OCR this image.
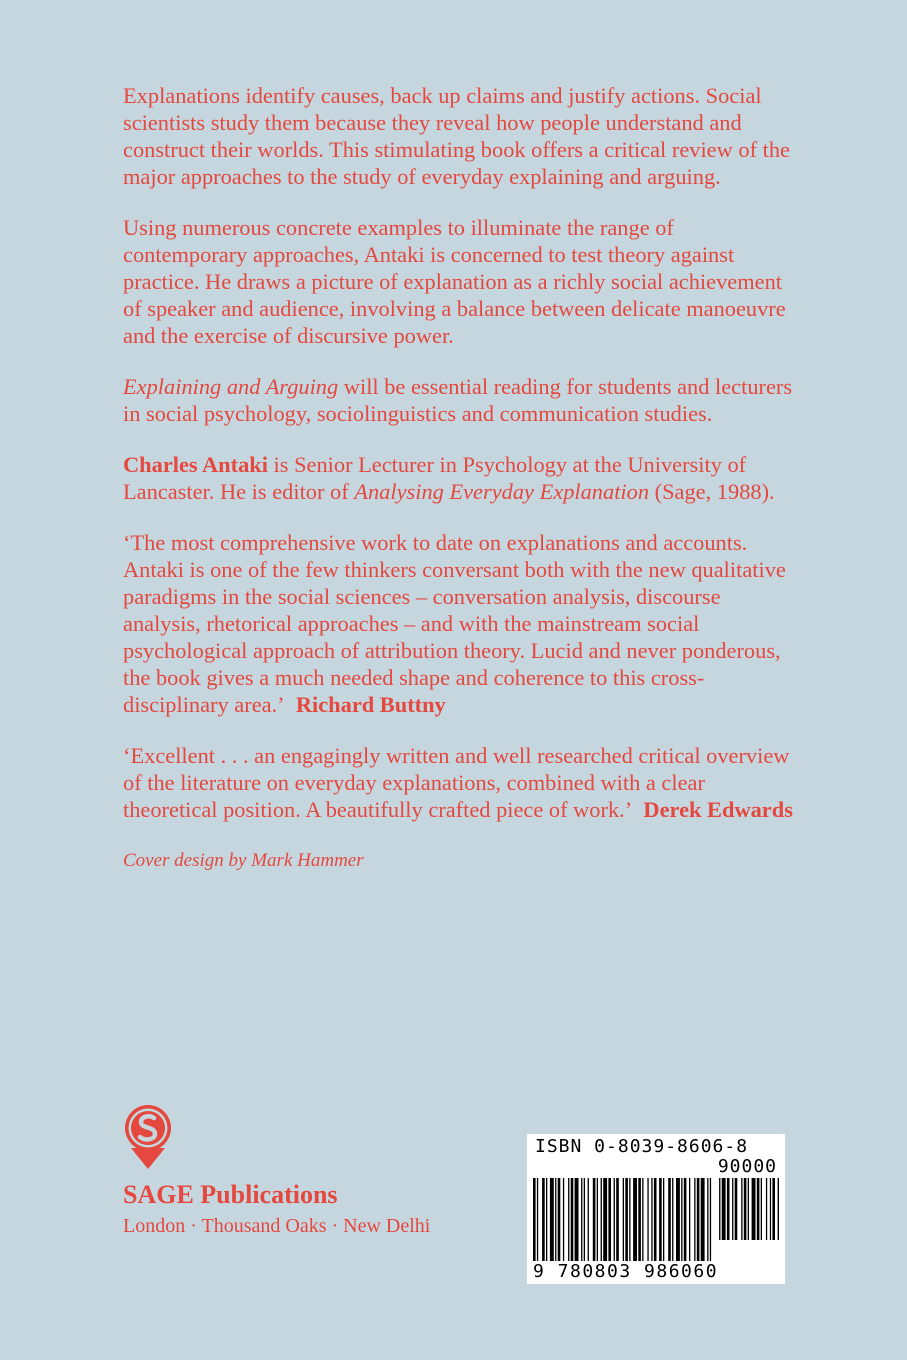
Explanations identify causes, back up claims and justify actions. Social scientists study them because they reveal how people understand and construct their worlds. This stimulating book offers a critical review of the major approaches to the study of everyday explaining and arguing.

Using numerous concrete examples to illuminate the range of contemporary approaches, Antaki is concerned to test theory against practice. He draws a picture of explanation as a richly social achievement of speaker and audience, involving a balance between delicate manoeuvre and the exercise of discursive power.

Explaining and Arguing will be essential reading for students and lecturers in social psychology, sociolinguistics and communication studies.

Charles Antaki is Senior Lecturer in Psychology at the University of Lancaster. He is editor of Analysing Everyday Explanation (Sage, 1988).

‘The most comprehensive work to date on explanations and accounts. Antaki is one of the few thinkers conversant both with the new qualitative paradigms in the social sciences – conversation analysis, discourse analysis, rhetorical approaches – and with the mainstream social psychological approach of attribution theory. Lucid and never ponderous, the book gives a much needed shape and coherence to this cross-disciplinary area.’ Richard Buttny

‘Excellent . . . an engagingly written and well researched critical overview of the literature on everyday explanations, combined with a clear theoretical position. A beautifully crafted piece of work.’ Derek Edwards

Cover design by Mark Hammer

SAGE Publications
London · Thousand Oaks · New Delhi
ISBN 0-8039-8606-8
90000
9 780803 986060
